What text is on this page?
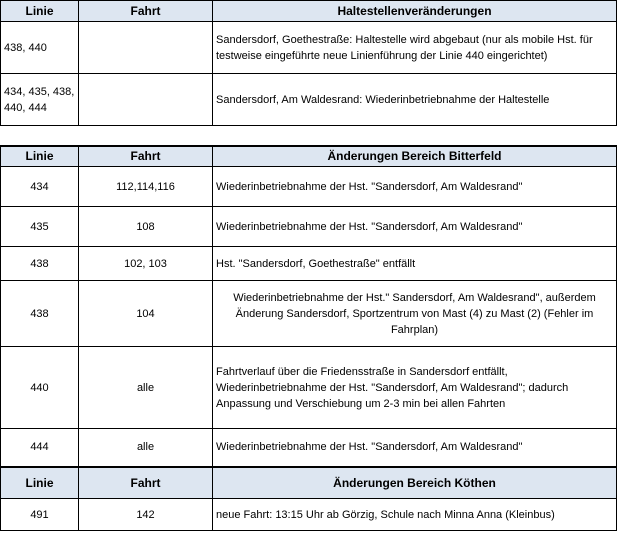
Linie	Fahrt	Haltestellenveränderungen
438, 440		Sandersdorf, Goethestraße: Haltestelle wird abgebaut (nur als mobile Hst. für testweise eingeführte neue Linienführung der Linie 440 eingerichtet)
434, 435, 438, 440, 444		Sandersdorf, Am Waldesrand: Wiederinbetriebnahme der Haltestelle

Linie	Fahrt	Änderungen Bereich Bitterfeld
434	112,114,116	Wiederinbetriebnahme der Hst. "Sandersdorf, Am Waldesrand"
435	108	Wiederinbetriebnahme der Hst. "Sandersdorf, Am Waldesrand"
438	102, 103	Hst. "Sandersdorf, Goethestraße" entfällt
438	104	Wiederinbetriebnahme der Hst." Sandersdorf, Am Waldesrand", außerdem Änderung Sandersdorf, Sportzentrum von Mast (4) zu Mast (2) (Fehler im Fahrplan)
440	alle	Fahrtverlauf über die Friedensstraße in Sandersdorf entfällt, Wiederinbetriebnahme der Hst. "Sandersdorf, Am Waldesrand"; dadurch Anpassung und Verschiebung um 2-3 min bei allen Fahrten
444	alle	Wiederinbetriebnahme der Hst. "Sandersdorf, Am Waldesrand"
Linie	Fahrt	Änderungen Bereich Köthen
491	142	neue Fahrt: 13:15 Uhr ab Görzig, Schule nach Minna Anna (Kleinbus)
